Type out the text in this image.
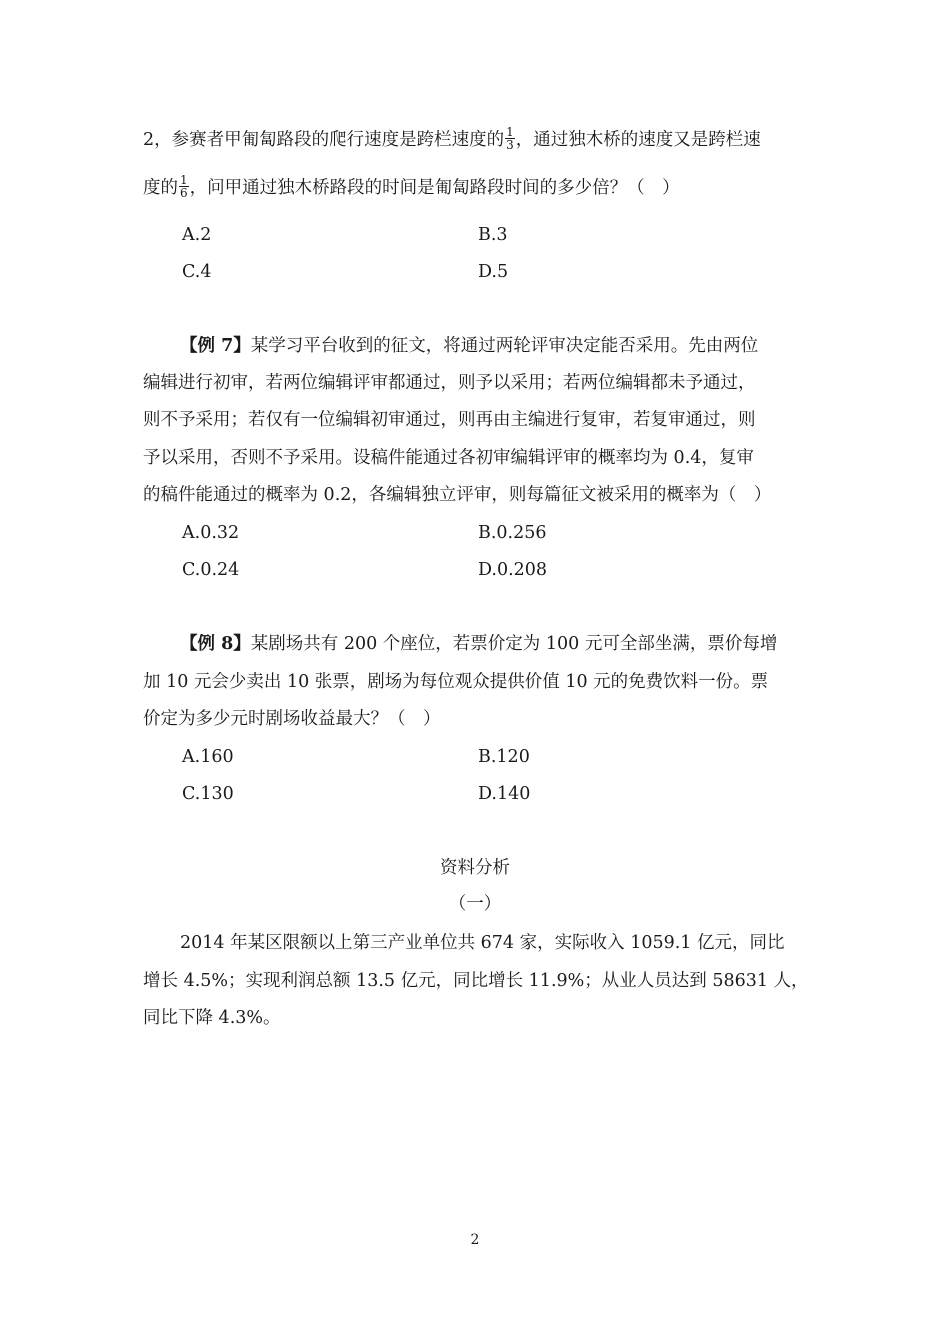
2，参赛者甲匍匐路段的爬行速度是跨栏速度的 $\frac{1}{3}$ ，通过独木桥的速度又是跨栏速
度的 $\frac{1}{6}$ ，问甲通过独木桥路段的时间是匍匐路段时间的多少倍？（　）
A.2	B.3
C.4	D.5
【例 7】某学习平台收到的征文，将通过两轮评审决定能否采用。先由两位
编辑进行初审，若两位编辑评审都通过，则予以采用；若两位编辑都未予通过，
则不予采用；若仅有一位编辑初审通过，则再由主编进行复审，若复审通过，则
予以采用，否则不予采用。设稿件能通过各初审编辑评审的概率均为 0.4，复审
的稿件能通过的概率为 0.2，各编辑独立评审，则每篇征文被采用的概率为（　）
A.0.32	B.0.256
C.0.24	D.0.208
【例 8】某剧场共有 200 个座位，若票价定为 100 元可全部坐满，票价每增
加 10 元会少卖出 10 张票，剧场为每位观众提供价值 10 元的免费饮料一份。票
价定为多少元时剧场收益最大？（　）
A.160	B.120
C.130	D.140
资料分析
（一）
2014 年某区限额以上第三产业单位共 674 家，实际收入 1059.1 亿元，同比
增长 4.5%；实现利润总额 13.5 亿元，同比增长 11.9%；从业人员达到 58631 人，
同比下降 4.3%。
2
